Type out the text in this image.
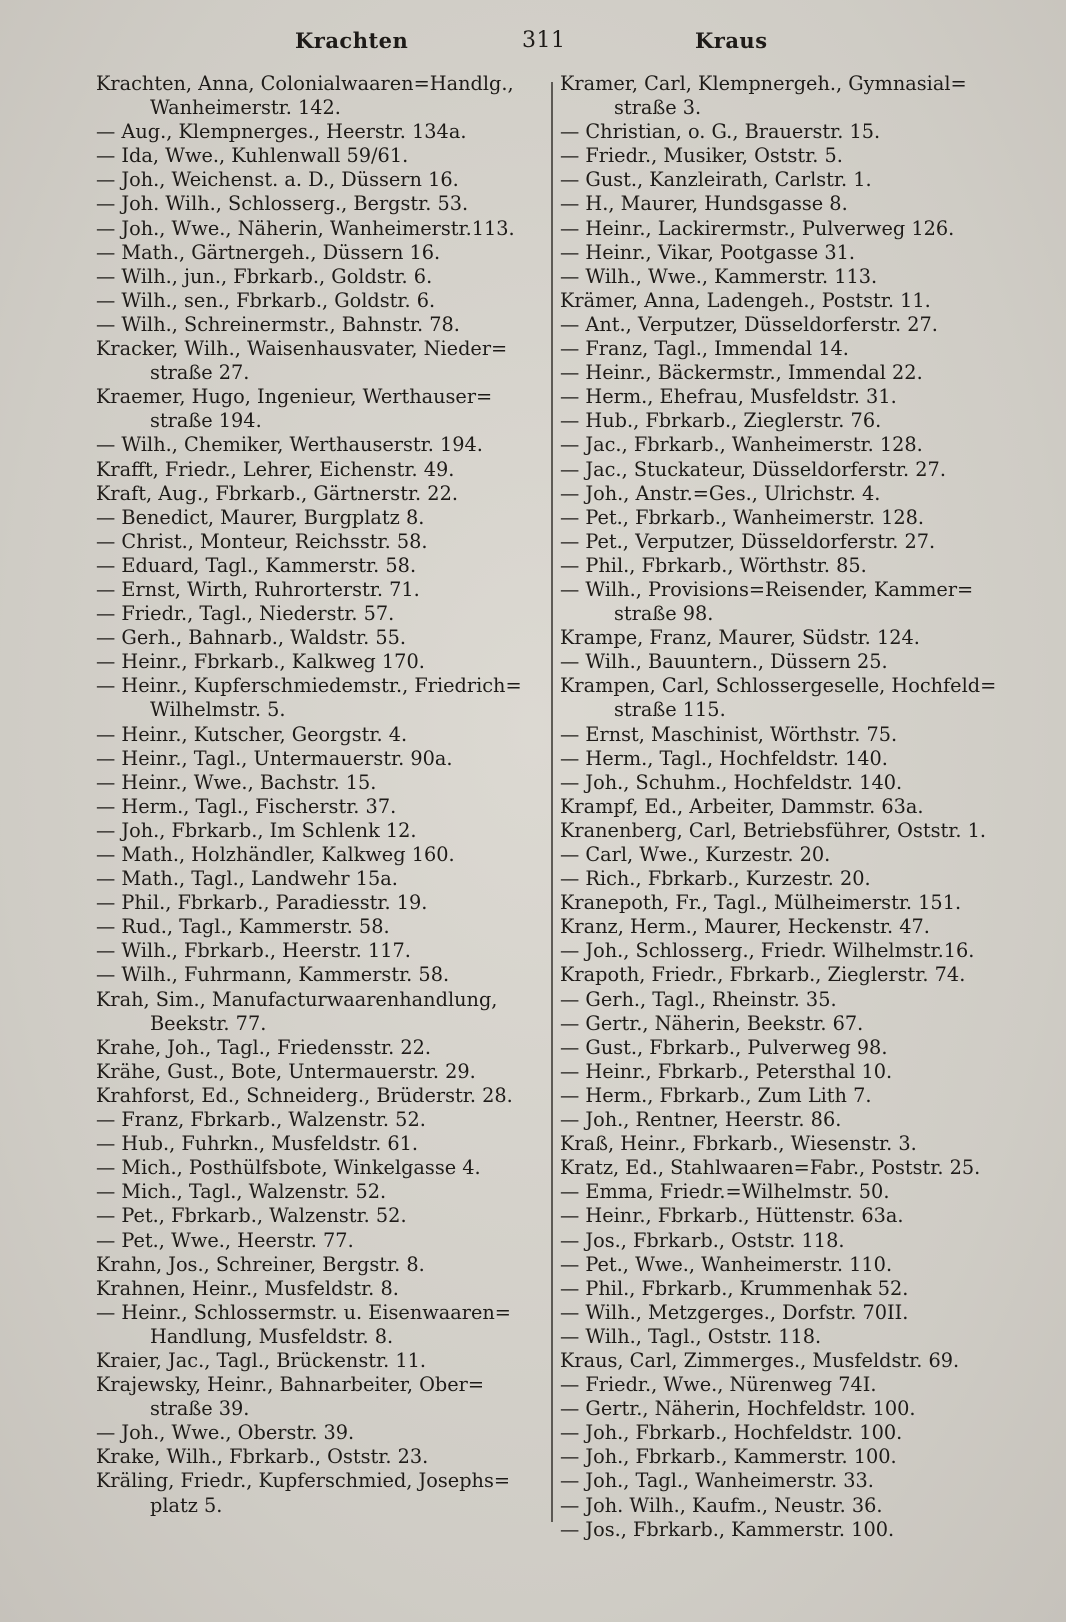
Krachten	311	Kraus
Krachten, Anna, Colonialwaaren=Handlg.,
Wanheimerstr. 142.
— Aug., Klempnerges., Heerstr. 134a.
— Ida, Wwe., Kuhlenwall 59/61.
— Joh., Weichenst. a. D., Düssern 16.
— Joh. Wilh., Schlosserg., Bergstr. 53.
— Joh., Wwe., Näherin, Wanheimerstr.113.
— Math., Gärtnergeh., Düssern 16.
— Wilh., jun., Fbrkarb., Goldstr. 6.
— Wilh., sen., Fbrkarb., Goldstr. 6.
— Wilh., Schreinermstr., Bahnstr. 78.
Kracker, Wilh., Waisenhausvater, Nieder=
straße 27.
Kraemer, Hugo, Ingenieur, Werthauser=
straße 194.
— Wilh., Chemiker, Werthauserstr. 194.
Krafft, Friedr., Lehrer, Eichenstr. 49.
Kraft, Aug., Fbrkarb., Gärtnerstr. 22.
— Benedict, Maurer, Burgplatz 8.
— Christ., Monteur, Reichsstr. 58.
— Eduard, Tagl., Kammerstr. 58.
— Ernst, Wirth, Ruhrorterstr. 71.
— Friedr., Tagl., Niederstr. 57.
— Gerh., Bahnarb., Waldstr. 55.
— Heinr., Fbrkarb., Kalkweg 170.
— Heinr., Kupferschmiedemstr., Friedrich=
Wilhelmstr. 5.
— Heinr., Kutscher, Georgstr. 4.
— Heinr., Tagl., Untermauerstr. 90a.
— Heinr., Wwe., Bachstr. 15.
— Herm., Tagl., Fischerstr. 37.
— Joh., Fbrkarb., Im Schlenk 12.
— Math., Holzhändler, Kalkweg 160.
— Math., Tagl., Landwehr 15a.
— Phil., Fbrkarb., Paradiesstr. 19.
— Rud., Tagl., Kammerstr. 58.
— Wilh., Fbrkarb., Heerstr. 117.
— Wilh., Fuhrmann, Kammerstr. 58.
Krah, Sim., Manufacturwaarenhandlung,
Beekstr. 77.
Krahe, Joh., Tagl., Friedensstr. 22.
Krähe, Gust., Bote, Untermauerstr. 29.
Krahforst, Ed., Schneiderg., Brüderstr. 28.
— Franz, Fbrkarb., Walzenstr. 52.
— Hub., Fuhrkn., Musfeldstr. 61.
— Mich., Posthülfsbote, Winkelgasse 4.
— Mich., Tagl., Walzenstr. 52.
— Pet., Fbrkarb., Walzenstr. 52.
— Pet., Wwe., Heerstr. 77.
Krahn, Jos., Schreiner, Bergstr. 8.
Krahnen, Heinr., Musfeldstr. 8.
— Heinr., Schlossermstr. u. Eisenwaaren=
Handlung, Musfeldstr. 8.
Kraier, Jac., Tagl., Brückenstr. 11.
Krajewsky, Heinr., Bahnarbeiter, Ober=
straße 39.
— Joh., Wwe., Oberstr. 39.
Krake, Wilh., Fbrkarb., Oststr. 23.
Kräling, Friedr., Kupferschmied, Josephs=
platz 5.
Kramer, Carl, Klempnergeh., Gymnasial=
straße 3.
— Christian, o. G., Brauerstr. 15.
— Friedr., Musiker, Oststr. 5.
— Gust., Kanzleirath, Carlstr. 1.
— H., Maurer, Hundsgasse 8.
— Heinr., Lackirermstr., Pulverweg 126.
— Heinr., Vikar, Pootgasse 31.
— Wilh., Wwe., Kammerstr. 113.
Krämer, Anna, Ladengeh., Poststr. 11.
— Ant., Verputzer, Düsseldorferstr. 27.
— Franz, Tagl., Immendal 14.
— Heinr., Bäckermstr., Immendal 22.
— Herm., Ehefrau, Musfeldstr. 31.
— Hub., Fbrkarb., Zieglerstr. 76.
— Jac., Fbrkarb., Wanheimerstr. 128.
— Jac., Stuckateur, Düsseldorferstr. 27.
— Joh., Anstr.=Ges., Ulrichstr. 4.
— Pet., Fbrkarb., Wanheimerstr. 128.
— Pet., Verputzer, Düsseldorferstr. 27.
— Phil., Fbrkarb., Wörthstr. 85.
— Wilh., Provisions=Reisender, Kammer=
straße 98.
Krampe, Franz, Maurer, Südstr. 124.
— Wilh., Bauuntern., Düssern 25.
Krampen, Carl, Schlossergeselle, Hochfeld=
straße 115.
— Ernst, Maschinist, Wörthstr. 75.
— Herm., Tagl., Hochfeldstr. 140.
— Joh., Schuhm., Hochfeldstr. 140.
Krampf, Ed., Arbeiter, Dammstr. 63a.
Kranenberg, Carl, Betriebsführer, Oststr. 1.
— Carl, Wwe., Kurzestr. 20.
— Rich., Fbrkarb., Kurzestr. 20.
Kranepoth, Fr., Tagl., Mülheimerstr. 151.
Kranz, Herm., Maurer, Heckenstr. 47.
— Joh., Schlosserg., Friedr. Wilhelmstr.16.
Krapoth, Friedr., Fbrkarb., Zieglerstr. 74.
— Gerh., Tagl., Rheinstr. 35.
— Gertr., Näherin, Beekstr. 67.
— Gust., Fbrkarb., Pulverweg 98.
— Heinr., Fbrkarb., Petersthal 10.
— Herm., Fbrkarb., Zum Lith 7.
— Joh., Rentner, Heerstr. 86.
Kraß, Heinr., Fbrkarb., Wiesenstr. 3.
Kratz, Ed., Stahlwaaren=Fabr., Poststr. 25.
— Emma, Friedr.=Wilhelmstr. 50.
— Heinr., Fbrkarb., Hüttenstr. 63a.
— Jos., Fbrkarb., Oststr. 118.
— Pet., Wwe., Wanheimerstr. 110.
— Phil., Fbrkarb., Krummenhak 52.
— Wilh., Metzgerges., Dorfstr. 70II.
— Wilh., Tagl., Oststr. 118.
Kraus, Carl, Zimmerges., Musfeldstr. 69.
— Friedr., Wwe., Nürenweg 74I.
— Gertr., Näherin, Hochfeldstr. 100.
— Joh., Fbrkarb., Hochfeldstr. 100.
— Joh., Fbrkarb., Kammerstr. 100.
— Joh., Tagl., Wanheimerstr. 33.
— Joh. Wilh., Kaufm., Neustr. 36.
— Jos., Fbrkarb., Kammerstr. 100.
